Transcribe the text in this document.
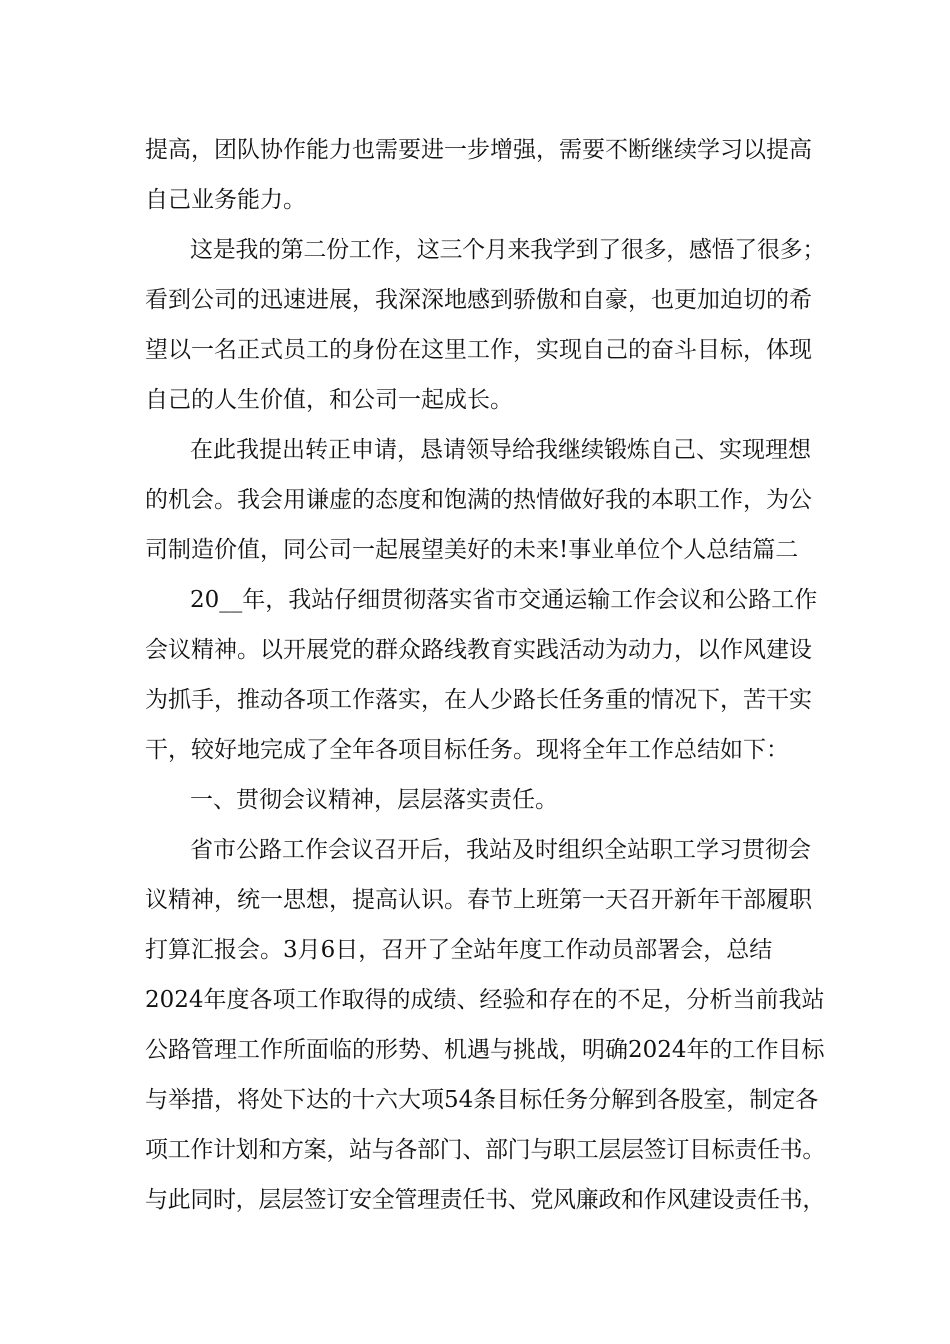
提高，团队协作能力也需要进一步增强，需要不断继续学习以提高
自己业务能力。
这是我的第二份工作，这三个月来我学到了很多，感悟了很多；
看到公司的迅速进展，我深深地感到骄傲和自豪，也更加迫切的希
望以一名正式员工的身份在这里工作，实现自己的奋斗目标，体现
自己的人生价值，和公司一起成长。
在此我提出转正申请，恳请领导给我继续锻炼自己、实现理想
的机会。我会用谦虚的态度和饱满的热情做好我的本职工作，为公
司制造价值，同公司一起展望美好的未来!事业单位个人总结篇二
20__年，我站仔细贯彻落实省市交通运输工作会议和公路工作
会议精神。以开展党的群众路线教育实践活动为动力，以作风建设
为抓手，推动各项工作落实，在人少路长任务重的情况下，苦干实
干，较好地完成了全年各项目标任务。现将全年工作总结如下：
一、贯彻会议精神，层层落实责任。
省市公路工作会议召开后，我站及时组织全站职工学习贯彻会
议精神，统一思想，提高认识。春节上班第一天召开新年干部履职
打算汇报会。3月6日，召开了全站年度工作动员部署会，总结
2024年度各项工作取得的成绩、经验和存在的不足，分析当前我站
公路管理工作所面临的形势、机遇与挑战，明确2024年的工作目标
与举措，将处下达的十六大项54条目标任务分解到各股室，制定各
项工作计划和方案，站与各部门、部门与职工层层签订目标责任书。
与此同时，层层签订安全管理责任书、党风廉政和作风建设责任书，
